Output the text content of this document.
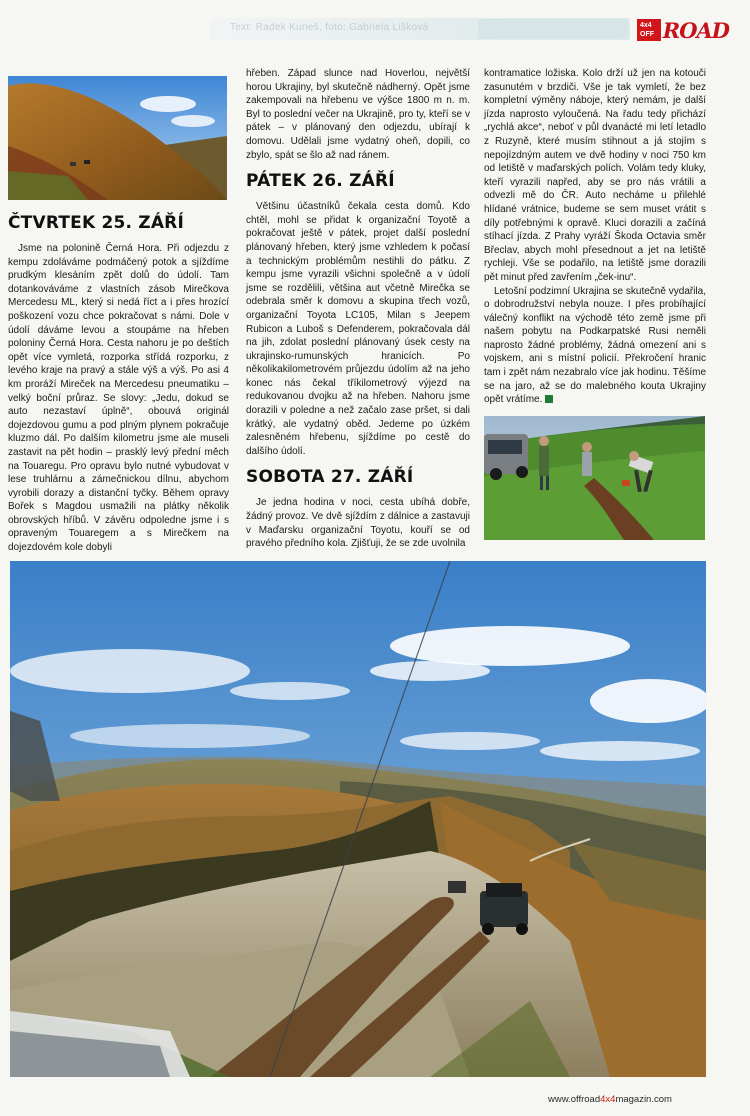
Text: Radek Kuneš, foto: Gabriela Lišková	4x4 OFF ROAD
ČTVRTEK 25. ZÁŘÍ

Jsme na polonině Černá Hora. Při odjezdu z kempu zdoláváme podmáčený potok a sjíždíme prudkým klesáním zpět dolů do údolí. Tam dotankováváme z vlastních zásob Mirečkova Mercedesu ML, který si nedá říct a i přes hrozící poškození vozu chce pokračovat s námi. Dole v údolí dáváme levou a stoupáme na hřeben poloniny Černá Hora. Cesta nahoru je po deštích opět více vymletá, rozporka střídá rozporku, z levého kraje na pravý a stále výš a výš. Po asi 4 km proráží Mireček na Mercedesu pneumatiku – velký boční průraz. Se slovy: „Jedu, dokud se auto nezastaví úplně“, obouvá originál dojezdovou gumu a pod plným plynem pokračuje kluzmo dál. Po dalším kilometru jsme ale museli zastavit na pět hodin – prasklý levý přední měch na Touaregu. Pro opravu bylo nutné vybudovat v lese truhlárnu a zámečnickou dílnu, abychom vyrobili dorazy a distanční tyčky. Během opravy Bořek s Magdou usmažili na plátky několik obrovských hříbů. V závěru odpoledne jsme i s opraveným Touaregem a s Mirečkem na dojezdovém kole dobyli

hřeben. Západ slunce nad Hoverlou, největší horou Ukrajiny, byl skutečně nádherný. Opět jsme zakempovali na hřebenu ve výšce 1800 m n. m. Byl to poslední večer na Ukrajině, pro ty, kteří se v pátek – v plánovaný den odjezdu, ubírají k domovu. Udělali jsme vydatný oheň, dopili, co zbylo, spát se šlo až nad ránem.

PÁTEK 26. ZÁŘÍ

Většinu účastníků čekala cesta domů. Kdo chtěl, mohl se přidat k organizační Toyotě a pokračovat ještě v pátek, projet další poslední plánovaný hřeben, který jsme vzhledem k počasí a technickým problémům nestihli do pátku. Z kempu jsme vyrazili všichni společně a v údolí jsme se rozdělili, většina aut včetně Mirečka se odebrala směr k domovu a skupina třech vozů, organizační Toyota LC105, Milan s Jeepem Rubicon a Luboš s Defenderem, pokračovala dál na jih, zdolat poslední plánovaný úsek cesty na ukrajinsko-rumunských hranicích. Po několikakilometrovém průjezdu údolím až na jeho konec nás čekal tříkilometrový výjezd na redukovanou dvojku až na hřeben. Nahoru jsme dorazili v poledne a než začalo zase pršet, si dali krátký, ale vydatný oběd. Jedeme po úzkém zalesněném hřebenu, sjíždíme po cestě do dalšího údolí.

SOBOTA 27. ZÁŘÍ

Je jedna hodina v noci, cesta ubíhá dobře, žádný provoz. Ve dvě sjíždím z dálnice a zastavuji v Maďarsku organizační Toyotu, kouří se od pravého předního kola. Zjišťuji, že se zde uvolnila

kontramatice ložiska. Kolo drží už jen na kotouči zasunutém v brzdiči. Vše je tak vymletí, že bez kompletní výměny náboje, který nemám, je další jízda naprosto vyloučená. Na řadu tedy přichází „rychlá akce“, neboť v půl dvanácté mi letí letadlo z Ruzyně, které musím stihnout a já stojím s nepojízdným autem ve dvě hodiny v noci 750 km od letiště v maďarských polích. Volám tedy kluky, kteří vyrazili napřed, aby se pro nás vrátili a odvezli mě do ČR. Auto necháme u přilehlé hlídané vrátnice, budeme se sem muset vrátit s díly potřebnými k opravě. Kluci dorazili a začíná stíhací jízda. Z Prahy vyráží Škoda Octavia směr Břeclav, abych mohl přesednout a jet na letiště rychleji. Vše se podařilo, na letiště jsme dorazili pět minut před zavřením „ček-inu“.

Letošní podzimní Ukrajina se skutečně vydařila, o dobrodružství nebyla nouze. I přes probíhající válečný konflikt na východě této země jsme při našem pobytu na Podkarpatské Rusi neměli naprosto žádné problémy, žádná omezení ani s vojskem, ani s místní policií. Překročení hranic tam i zpět nám nezabralo více jak hodinu. Těšíme se na jaro, až se do malebného kouta Ukrajiny opět vrátíme.

www.offroad4x4magazin.com
